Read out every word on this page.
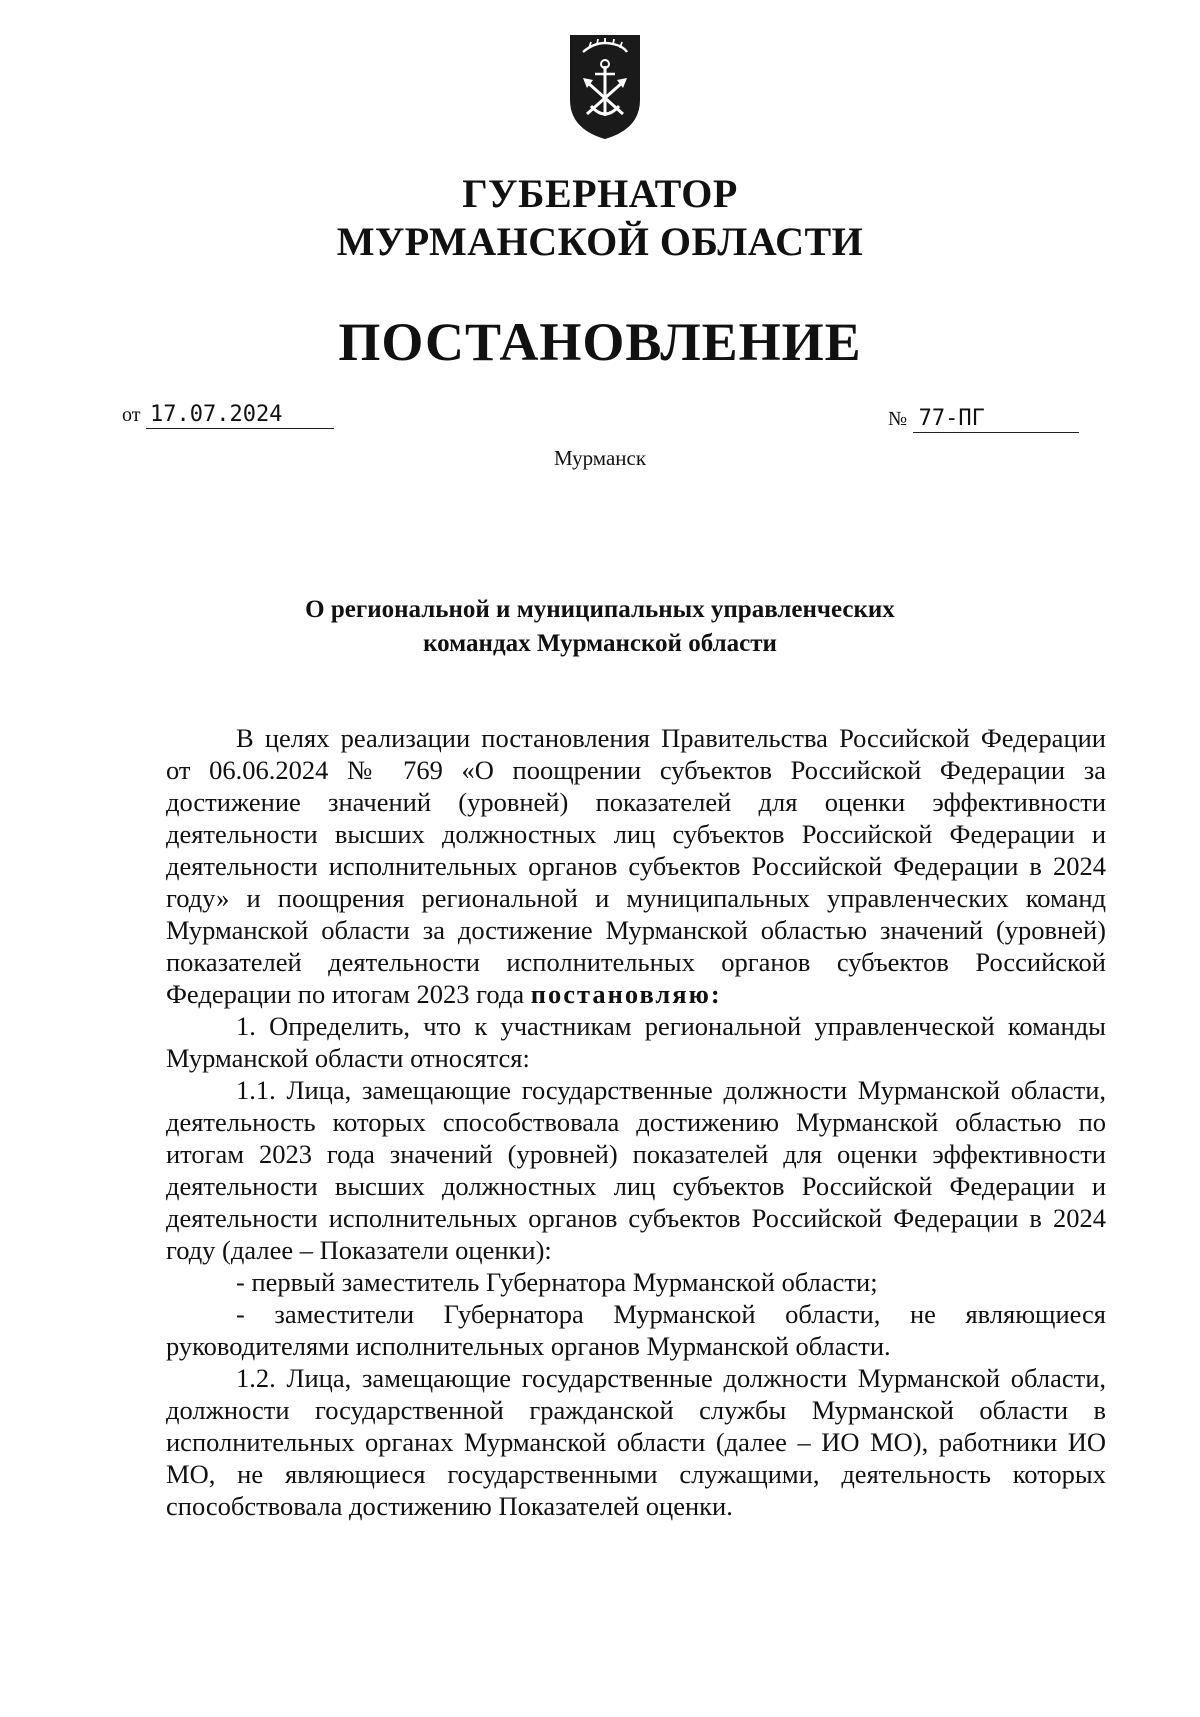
ГУБЕРНАТОР
МУРМАНСКОЙ ОБЛАСТИ
ПОСТАНОВЛЕНИЕ
от 17.07.2024	№ 77-ПГ
Мурманск
О региональной и муниципальных управленческих
командах Мурманской области

В целях реализации постановления Правительства Российской Федерации от 06.06.2024 № 769 «О поощрении субъектов Российской Федерации за достижение значений (уровней) показателей для оценки эффективности деятельности высших должностных лиц субъектов Российской Федерации и деятельности исполнительных органов субъектов Российской Федерации в 2024 году» и поощрения региональной и муниципальных управленческих команд Мурманской области за достижение Мурманской областью значений (уровней) показателей деятельности исполнительных органов субъектов Российской Федерации по итогам 2023 года постановляю:

1. Определить, что к участникам региональной управленческой команды Мурманской области относятся:

1.1. Лица, замещающие государственные должности Мурманской области, деятельность которых способствовала достижению Мурманской областью по итогам 2023 года значений (уровней) показателей для оценки эффективности деятельности высших должностных лиц субъектов Российской Федерации и деятельности исполнительных органов субъектов Российской Федерации в 2024 году (далее – Показатели оценки):

- первый заместитель Губернатора Мурманской области;

- заместители Губернатора Мурманской области, не являющиеся руководителями исполнительных органов Мурманской области.

1.2. Лица, замещающие государственные должности Мурманской области, должности государственной гражданской службы Мурманской области в исполнительных органах Мурманской области (далее – ИО МО), работники ИО МО, не являющиеся государственными служащими, деятельность которых способствовала достижению Показателей оценки.
